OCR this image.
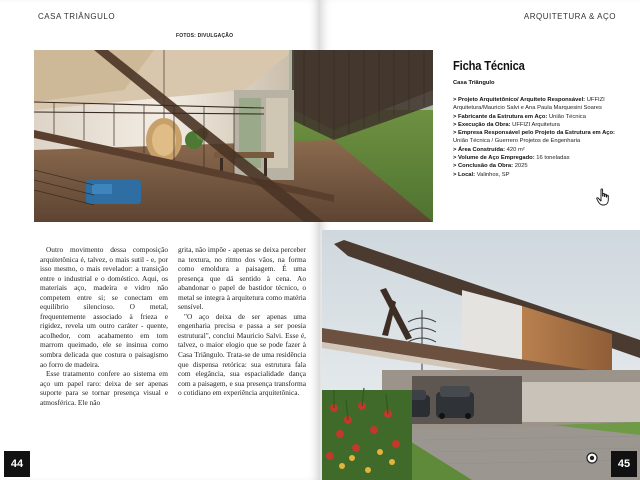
CASA TRIÂNGULO	ARQUITETURA & AÇO
FOTOS: DIVULGAÇÃO
Ficha Técnica
Casa Triângulo

> Projeto Arquitetônico/ Arquiteto Responsável: UFFIZI Arquitetura/Mauricio Salvi e Ana Paula Marquesini Soares

> Fabricante da Estrutura em Aço: União Técnica

> Execução da Obra: UFFIZI Arquitetura

> Empresa Responsável pelo Projeto da Estrutura em Aço: União Técnica / Guerrero Projetos de Engenharia

> Área Construída: 420 m²

> Volume de Aço Empregado: 16 toneladas

> Conclusão da Obra: 2025

> Local: Valinhos, SP

Outro movimento dessa composição arquitetônica é, talvez, o mais sutil - e, por isso mesmo, o mais revelador: a transição entre o industrial e o doméstico. Aqui, os materiais aço, madeira e vidro não competem entre si; se conectam em equilíbrio silencioso. O metal, frequentemente associado à frieza e rigidez, revela um outro caráter - quente, acolhedor, com acabamento em tom marrom queimado, ele se insinua como sombra delicada que costura o paisagismo ao forro de madeira.

Esse tratamento confere ao sistema em aço um papel raro: deixa de ser apenas suporte para se tornar presença visual e atmosférica. Ele não

grita, não impõe - apenas se deixa perceber na textura, no ritmo dos vãos, na forma como emoldura a paisagem. É uma presença que dá sentido à cena. Ao abandonar o papel de bastidor técnico, o metal se integra à arquitetura como matéria sensível.

"O aço deixa de ser apenas uma engenharia precisa e passa a ser poesia estrutural", conclui Mauricio Salvi. Esse é, talvez, o maior elogio que se pode fazer à Casa Triângulo. Trata-se de uma residência que dispensa retórica: sua estrutura fala com elegância, sua espacialidade dança com a paisagem, e sua presença transforma o cotidiano em experiência arquitetônica.

44	45
